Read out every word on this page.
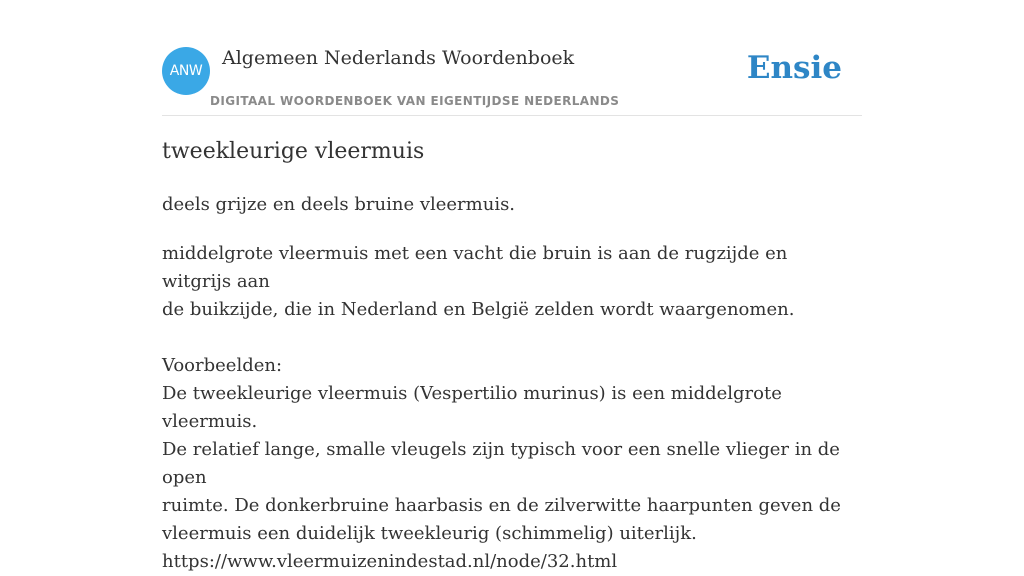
ANW
Algemeen Nederlands Woordenboek
DIGITAAL WOORDENBOEK VAN EIGENTIJDSE NEDERLANDS
Ensie
tweekleurige vleermuis
deels grijze en deels bruine vleermuis.

middelgrote vleermuis met een vacht die bruin is aan de rugzijde en witgrijs aan

de buikzijde, die in Nederland en België zelden wordt waargenomen.

Voorbeelden:

De tweekleurige vleermuis (Vespertilio murinus) is een middelgrote vleermuis.

De relatief lange, smalle vleugels zijn typisch voor een snelle vlieger in de open

ruimte. De donkerbruine haarbasis en de zilverwitte haarpunten geven de

vleermuis een duidelijk tweekleurig (schimmelig) uiterlijk.

https://www.vleermuizenindestad.nl/node/32.html
